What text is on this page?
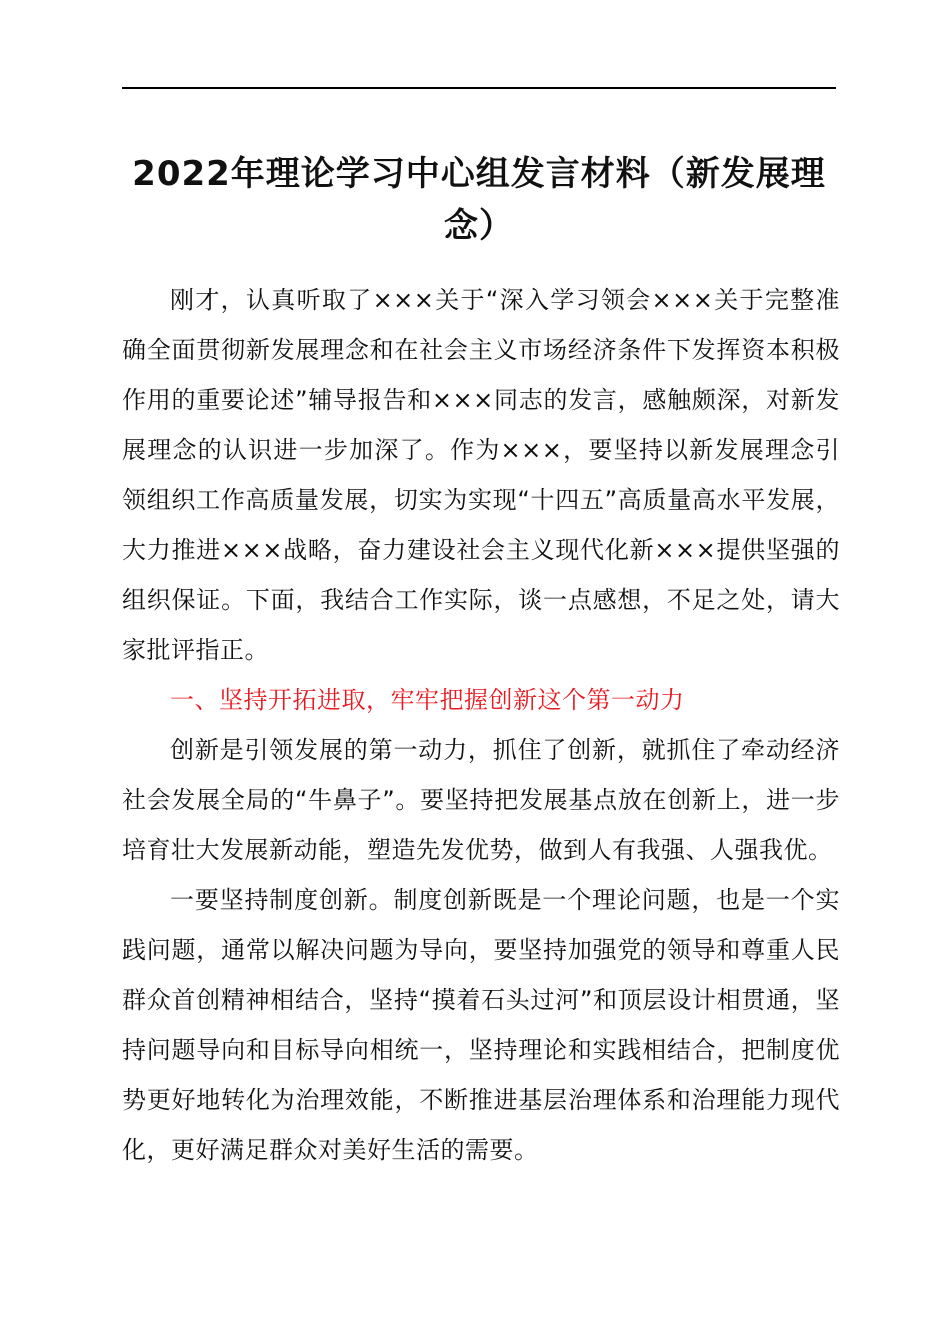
2022年理论学习中心组发言材料（新发展理念）

刚才，认真听取了×××关于“深入学习领会×××关于完整准确全面贯彻新发展理念和在社会主义市场经济条件下发挥资本积极作用的重要论述”辅导报告和×××同志的发言，感触颇深，对新发展理念的认识进一步加深了。作为×××，要坚持以新发展理念引领组织工作高质量发展，切实为实现“十四五”高质量高水平发展，大力推进×××战略，奋力建设社会主义现代化新×××提供坚强的组织保证。下面，我结合工作实际，谈一点感想，不足之处，请大家批评指正。

一、坚持开拓进取，牢牢把握创新这个第一动力

创新是引领发展的第一动力，抓住了创新，就抓住了牵动经济社会发展全局的“牛鼻子”。要坚持把发展基点放在创新上，进一步培育壮大发展新动能，塑造先发优势，做到人有我强、人强我优。

一要坚持制度创新。制度创新既是一个理论问题，也是一个实践问题，通常以解决问题为导向，要坚持加强党的领导和尊重人民群众首创精神相结合，坚持“摸着石头过河”和顶层设计相贯通，坚持问题导向和目标导向相统一，坚持理论和实践相结合，把制度优势更好地转化为治理效能，不断推进基层治理体系和治理能力现代化，更好满足群众对美好生活的需要。
